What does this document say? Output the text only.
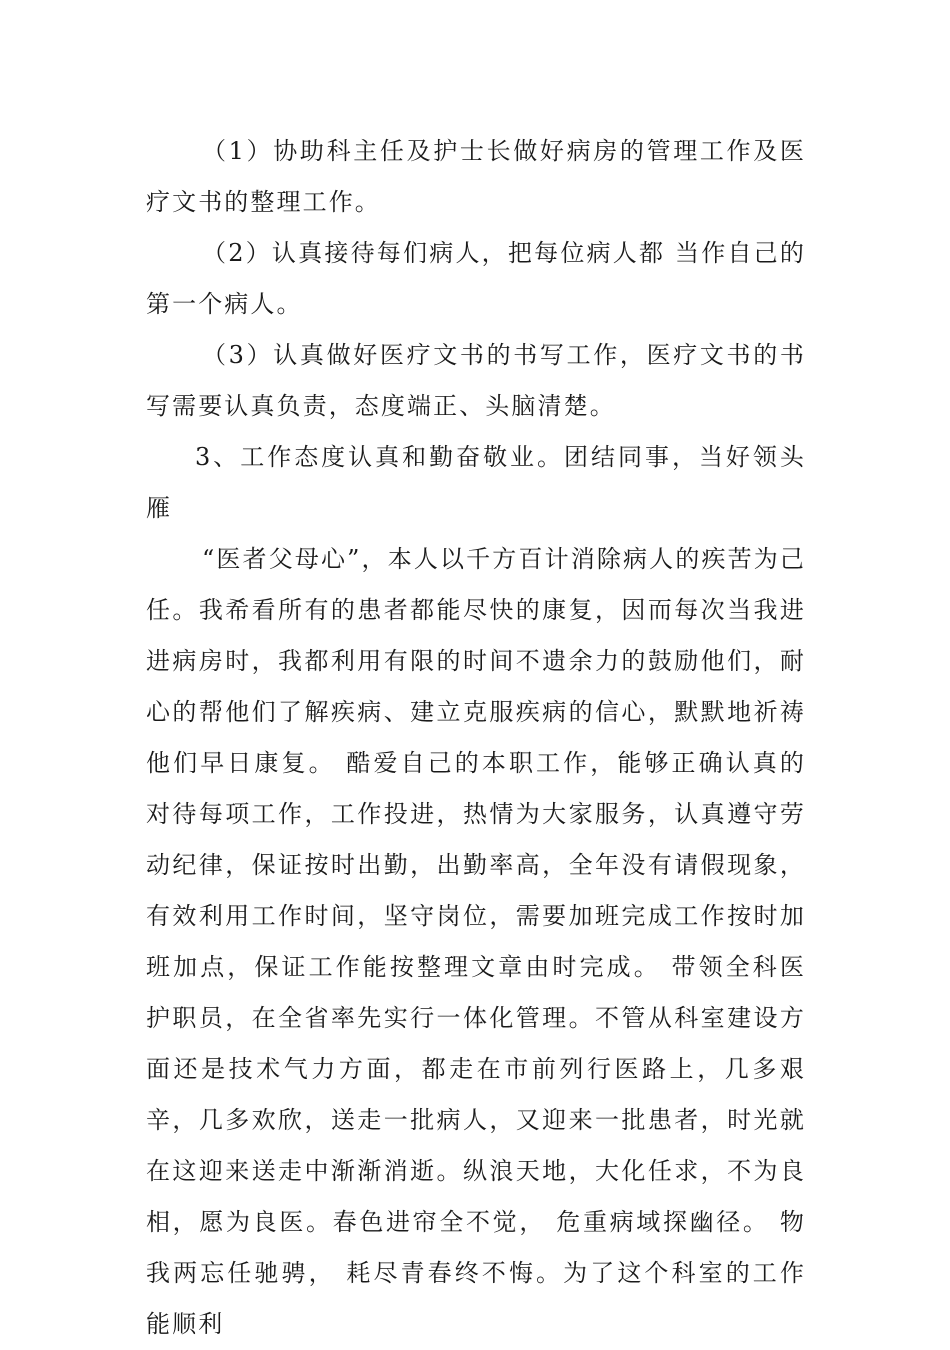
（1）协助科主任及护士长做好病房的管理工作及医疗文书的整理工作。

（2）认真接待每们病人，把每位病人都 当作自己的第一个病人。

（3）认真做好医疗文书的书写工作，医疗文书的书写需要认真负责，态度端正、头脑清楚。

3、工作态度认真和勤奋敬业。团结同事，当好领头雁

“医者父母心”，本人以千方百计消除病人的疾苦为己任。我希看所有的患者都能尽快的康复，因而每次当我进进病房时，我都利用有限的时间不遗余力的鼓励他们，耐心的帮他们了解疾病、建立克服疾病的信心，默默地祈祷他们早日康复。 酷爱自己的本职工作，能够正确认真的对待每项工作，工作投进，热情为大家服务，认真遵守劳动纪律，保证按时出勤，出勤率高，全年没有请假现象，有效利用工作时间，坚守岗位，需要加班完成工作按时加班加点，保证工作能按整理文章由时完成。 带领全科医护职员，在全省率先实行一体化管理。不管从科室建设方面还是技术气力方面，都走在市前列行医路上，几多艰辛，几多欢欣，送走一批病人，又迎来一批患者，时光就在这迎来送走中渐渐消逝。纵浪天地，大化任求，不为良相，愿为良医。春色进帘全不觉， 危重病域探幽径。 物我两忘任驰骋， 耗尽青春终不悔。为了这个科室的工作能顺利
